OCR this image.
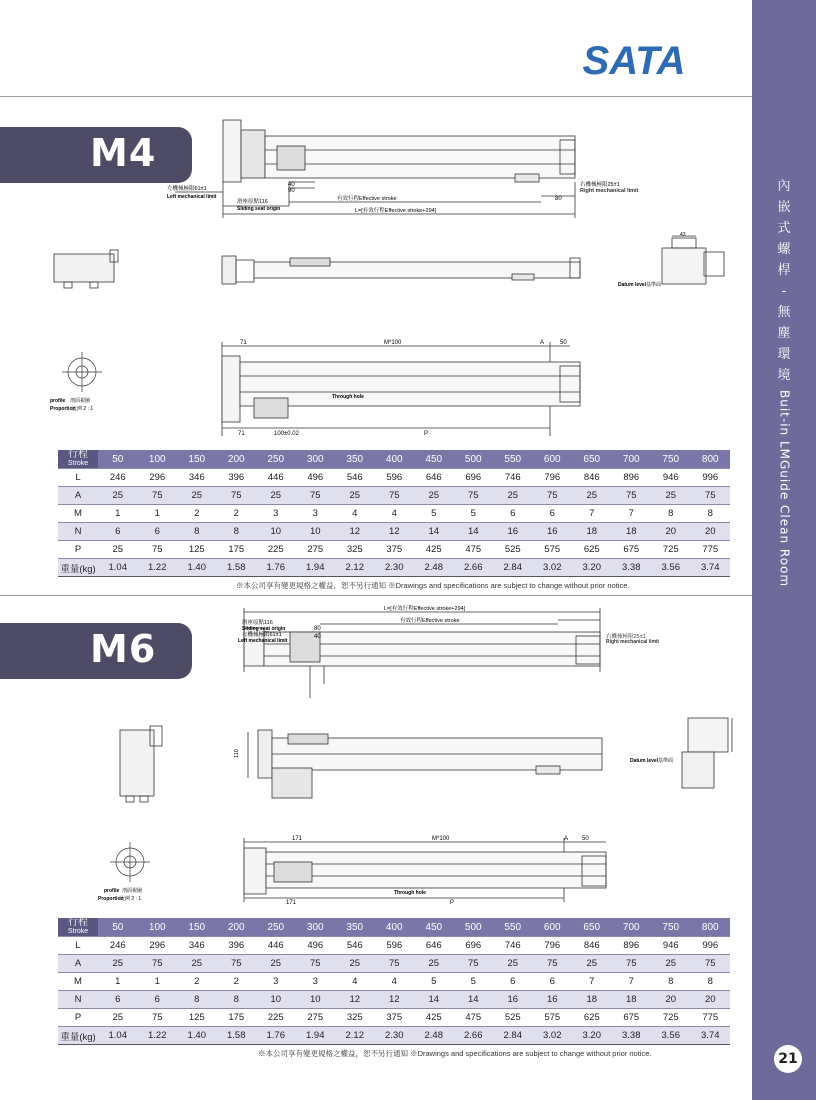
內
嵌
式
螺
桿
-
無
塵
環
境
Buit-in LMGuide Clean Room
21
SATA
M4
M6
40
90
左機械極限61±1
Left mechanical limit
滑座原點116
Sliding seat origin
有效行程Effective stroke
L=[有效行程Effective stroke+294]
80
右機械極限25±1
Right mechanical limit
43
Datum level 基準面
profile 剖面視圖
Proportion
比例 2 : 1
71	M*100	A	50
Through hole
71	100±0.02	P
行程
Stroke	50	100	150	200	250	300	350	400	450	500	550	600	650	700	750	800
L	246	296	346	396	446	496	546	596	646	696	746	796	846	896	946	996
A	25	75	25	75	25	75	25	75	25	75	25	75	25	75	25	75
M	1	1	2	2	3	3	4	4	5	5	6	6	7	7	8	8
N	6	6	8	8	10	10	12	12	14	14	16	16	18	18	20	20
P	25	75	125	175	225	275	325	375	425	475	525	575	625	675	725	775
重量(kg)	1.04	1.22	1.40	1.58	1.76	1.94	2.12	2.30	2.48	2.66	2.84	3.02	3.20	3.38	3.56	3.74
※本公司享有變更規格之權益，恕不另行通知 ※Drawings and specifications are subject to change without prior notice.
滑座原點116
Sliding seat origin
左機械極限61±1
Left mechanical limit
80
40
有效行程Effective stroke
L=[有效行程Effective stroke+294]
右機械極限25±1
Right mechanical limit
110
Datum level 基準面
profile 剖面視圖
Proportion
比例 2 : 1
171	M*100	A 50
Through hole
171	P
行程
Stroke	50	100	150	200	250	300	350	400	450	500	550	600	650	700	750	800
L	246	296	346	396	446	496	546	596	646	696	746	796	846	896	946	996
A	25	75	25	75	25	75	25	75	25	75	25	75	25	75	25	75
M	1	1	2	2	3	3	4	4	5	5	6	6	7	7	8	8
N	6	6	8	8	10	10	12	12	14	14	16	16	18	18	20	20
P	25	75	125	175	225	275	325	375	425	475	525	575	625	675	725	775
重量(kg)	1.04	1.22	1.40	1.58	1.76	1.94	2.12	2.30	2.48	2.66	2.84	3.02	3.20	3.38	3.56	3.74
※本公司享有變更規格之權益，恕不另行通知 ※Drawings and specifications are subject to change without prior notice.
